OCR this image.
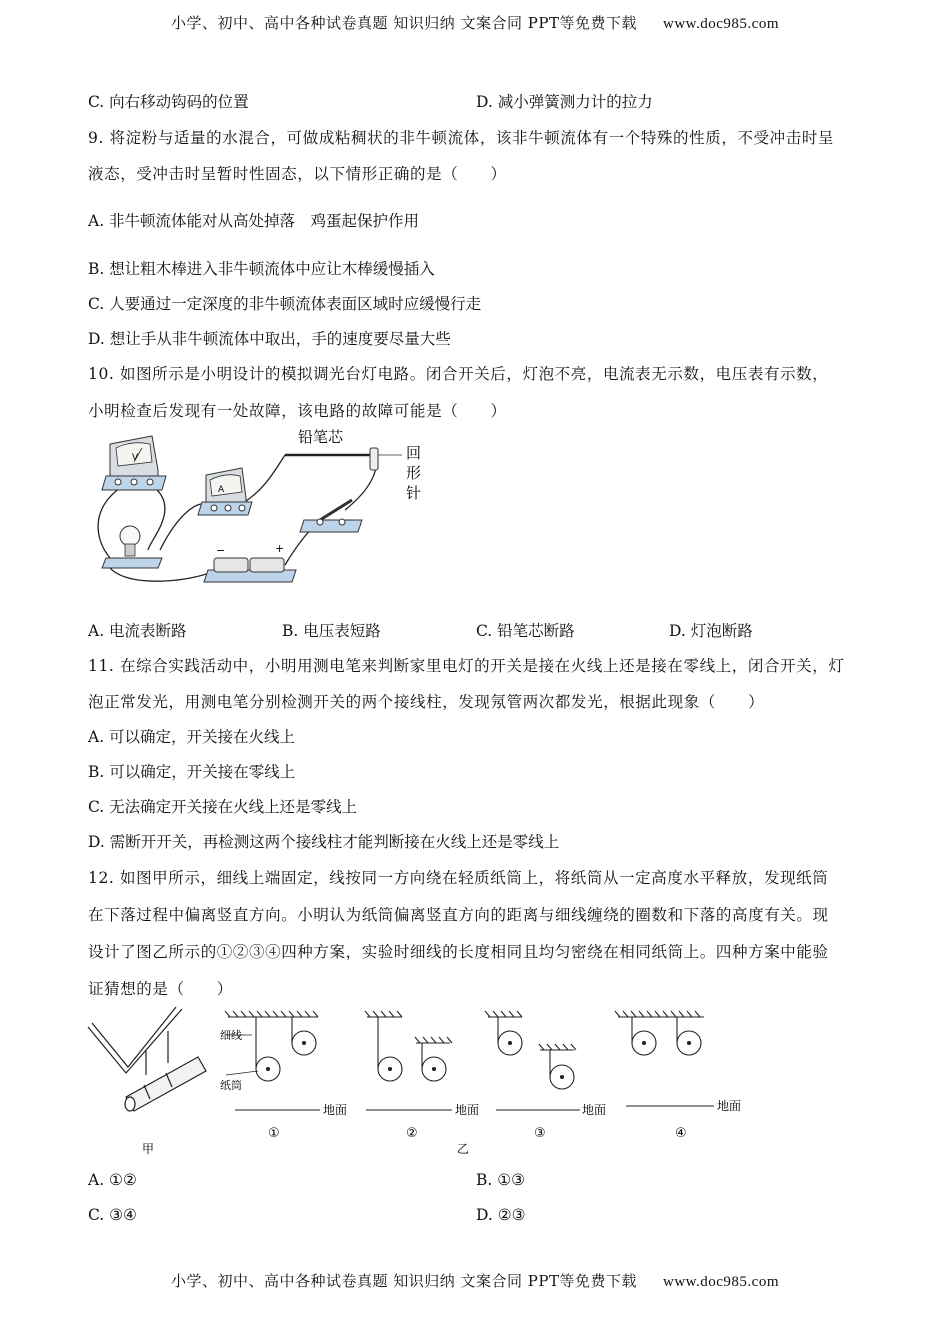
小学、初中、高中各种试卷真题 知识归纳 文案合同 PPT等免费下载 www.doc985.com
C. 向右移动钩码的位置	D. 减小弹簧测力计的拉力
9. 将淀粉与适量的水混合，可做成粘稠状的非牛顿流体，该非牛顿流体有一个特殊的性质，不受冲击时呈
液态，受冲击时呈暂时性固态，以下情形正确的是（　　）
A. 非牛顿流体能对从高处掉落　鸡蛋起保护作用
B. 想让粗木棒进入非牛顿流体中应让木棒缓慢插入
C. 人要通过一定深度的非牛顿流体表面区域时应缓慢行走
D. 想让手从非牛顿流体中取出，手的速度要尽量大些
10. 如图所示是小明设计的模拟调光台灯电路。闭合开关后，灯泡不亮，电流表无示数，电压表有示数，
小明检查后发现有一处故障，该电路的故障可能是（　　）
V
A
−	+
铅笔芯
回
形
针
A. 电流表断路	B. 电压表短路	C. 铅笔芯断路	D. 灯泡断路
11. 在综合实践活动中，小明用测电笔来判断家里电灯的开关是接在火线上还是接在零线上，闭合开关，灯
泡正常发光，用测电笔分别检测开关的两个接线柱，发现氖管两次都发光，根据此现象（　　）
A. 可以确定，开关接在火线上
B. 可以确定，开关接在零线上
C. 无法确定开关接在火线上还是零线上
D. 需断开开关，再检测这两个接线柱才能判断接在火线上还是零线上
12. 如图甲所示，细线上端固定，线按同一方向绕在轻质纸筒上，将纸筒从一定高度水平释放，发现纸筒
在下落过程中偏离竖直方向。小明认为纸筒偏离竖直方向的距离与细线缠绕的圈数和下落的高度有关。现
设计了图乙所示的①②③④四种方案，实验时细线的长度相同且均匀密绕在相同纸筒上。四种方案中能验
证猜想的是（　　）
甲
细线
纸筒
地面
①
地面
②
乙
地面
③
地面
④
A. ①②	B. ①③
C. ③④	D. ②③
小学、初中、高中各种试卷真题 知识归纳 文案合同 PPT等免费下载 www.doc985.com
